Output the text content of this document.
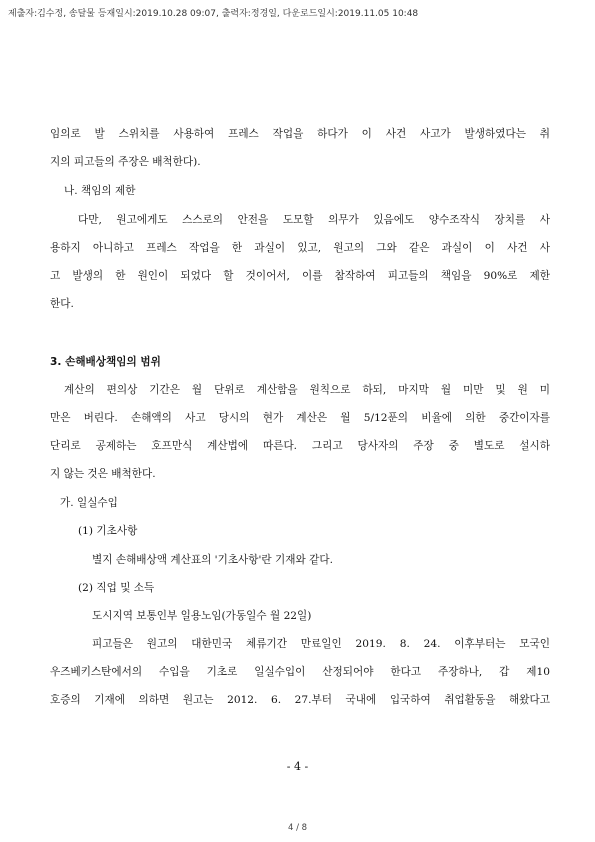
제출자:김수정, 송달물 등재일시:2019.10.28 09:07, 출력자:정경일, 다운로드일시:2019.11.05 10:48
임의로 발 스위치를 사용하여 프레스 작업을 하다가 이 사건 사고가 발생하였다는 취
지의 피고들의 주장은 배척한다).
나. 책임의 제한
다만, 원고에게도 스스로의 안전을 도모할 의무가 있음에도 양수조작식 장치를 사
용하지 아니하고 프레스 작업을 한 과실이 있고, 원고의 그와 같은 과실이 이 사건 사
고 발생의 한 원인이 되었다 할 것이어서, 이를 참작하여 피고들의 책임을 90%로 제한
한다.
3. 손해배상책임의 범위
계산의 편의상 기간은 월 단위로 계산함을 원칙으로 하되, 마지막 월 미만 및 원 미
만은 버린다. 손해액의 사고 당시의 현가 계산은 월 5/12푼의 비율에 의한 중간이자를
단리로 공제하는 호프만식 계산법에 따른다. 그리고 당사자의 주장 중 별도로 설시하
지 않는 것은 배척한다.
가. 일실수입
(1) 기초사항
별지 손해배상액 계산표의 '기초사항'란 기재와 같다.
(2) 직업 및 소득
도시지역 보통인부 일용노임(가동일수 월 22일)
피고들은 원고의 대한민국 체류기간 만료일인 2019. 8. 24. 이후부터는 모국인
우즈베키스탄에서의 수입을 기초로 일실수입이 산정되어야 한다고 주장하나, 갑 제10
호증의 기재에 의하면 원고는 2012. 6. 27.부터 국내에 입국하여 취업활동을 해왔다고
- 4 -
4 / 8
